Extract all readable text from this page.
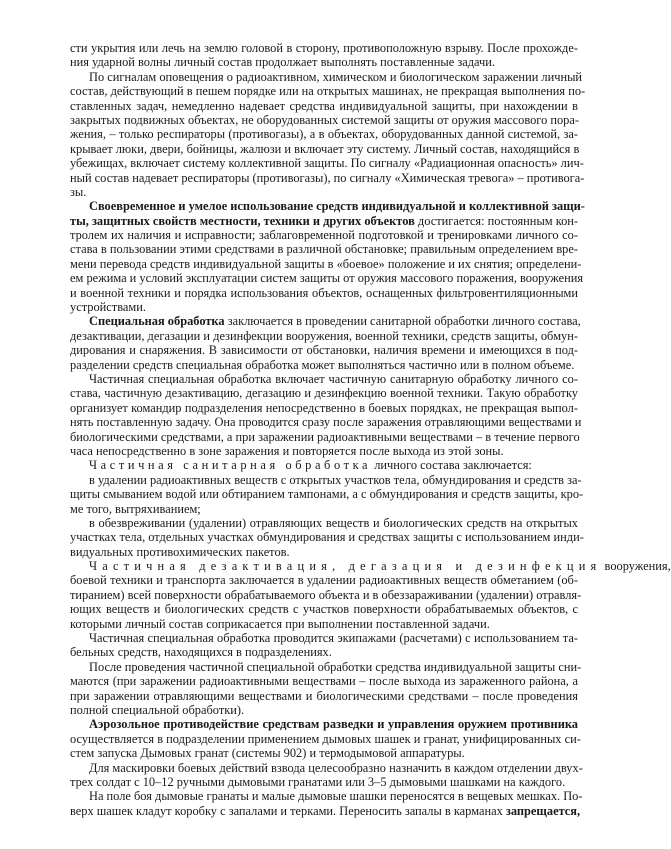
сти укрытия или лечь на землю головой в сторону, противоположную взрыву. После прохожде-
ния ударной волны личный состав продолжает выполнять поставленные задачи.
По сигналам оповещения о радиоактивном, химическом и биологическом заражении личный
состав, действующий в пешем порядке или на открытых машинах, не прекращая выполнения по-
ставленных задач, немедленно надевает средства индивидуальной защиты, при нахождении в
закрытых подвижных объектах, не оборудованных системой защиты от оружия массового пора-
жения, – только респираторы (противогазы), а в объектах, оборудованных данной системой, за-
крывает люки, двери, бойницы, жалюзи и включает эту систему. Личный состав, находящийся в
убежищах, включает систему коллективной защиты. По сигналу «Радиационная опасность» лич-
ный состав надевает респираторы (противогазы), по сигналу «Химическая тревога» – противога-
зы.
Своевременное и умелое использование средств индивидуальной и коллективной защи-
ты, защитных свойств местности, техники и других объектов достигается: постоянным кон-
тролем их наличия и исправности; заблаговременной подготовкой и тренировками личного со-
става в пользовании этими средствами в различной обстановке; правильным определением вре-
мени перевода средств индивидуальной защиты в «боевое» положение и их снятия; определени-
ем режима и условий эксплуатации систем защиты от оружия массового поражения, вооружения
и военной техники и порядка использования объектов, оснащенных фильтровентиляционными
устройствами.
Специальная обработка заключается в проведении санитарной обработки личного состава,
дезактивации, дегазации и дезинфекции вооружения, военной техники, средств защиты, обмун-
дирования и снаряжения. В зависимости от обстановки, наличия времени и имеющихся в под-
разделении средств специальная обработка может выполняться частично или в полном объеме.
Частичная специальная обработка включает частичную санитарную обработку личного со-
става, частичную дезактивацию, дегазацию и дезинфекцию военной техники. Такую обработку
организует командир подразделения непосредственно в боевых порядках, не прекращая выпол-
нять поставленную задачу. Она проводится сразу после заражения отравляющими веществами и
биологическими средствами, а при заражении радиоактивными веществами – в течение первого
часа непосредственно в зоне заражения и повторяется после выхода из этой зоны.
Частичная санитарная обработка личного состава заключается:
в удалении радиоактивных веществ с открытых участков тела, обмундирования и средств за-
щиты смыванием водой или обтиранием тампонами, а с обмундирования и средств защиты, кро-
ме того, вытряхиванием;
в обезвреживании (удалении) отравляющих веществ и биологических средств на открытых
участках тела, отдельных участках обмундирования и средствах защиты с использованием инди-
видуальных противохимических пакетов.
Частичная дезактивация, дегазация и дезинфекция вооружения,
боевой техники и транспорта заключается в удалении радиоактивных веществ обметанием (об-
тиранием) всей поверхности обрабатываемого объекта и в обеззараживании (удалении) отравля-
ющих веществ и биологических средств с участков поверхности обрабатываемых объектов, с
которыми личный состав соприкасается при выполнении поставленной задачи.
Частичная специальная обработка проводится экипажами (расчетами) с использованием та-
бельных средств, находящихся в подразделениях.
После проведения частичной специальной обработки средства индивидуальной защиты сни-
маются (при заражении радиоактивными веществами – после выхода из зараженного района, а
при заражении отравляющими веществами и биологическими средствами – после проведения
полной специальной обработки).
Аэрозольное противодействие средствам разведки и управления оружием противника
осуществляется в подразделении применением дымовых шашек и гранат, унифицированных си-
стем запуска Дымовых гранат (системы 902) и термодымовой аппаратуры.
Для маскировки боевых действий взвода целесообразно назначить в каждом отделении двух-
трех солдат с 10–12 ручными дымовыми гранатами или 3–5 дымовыми шашками на каждого.
На поле боя дымовые гранаты и малые дымовые шашки переносятся в вещевых мешках. По-
верх шашек кладут коробку с запалами и терками. Переносить запалы в карманах запрещается,
